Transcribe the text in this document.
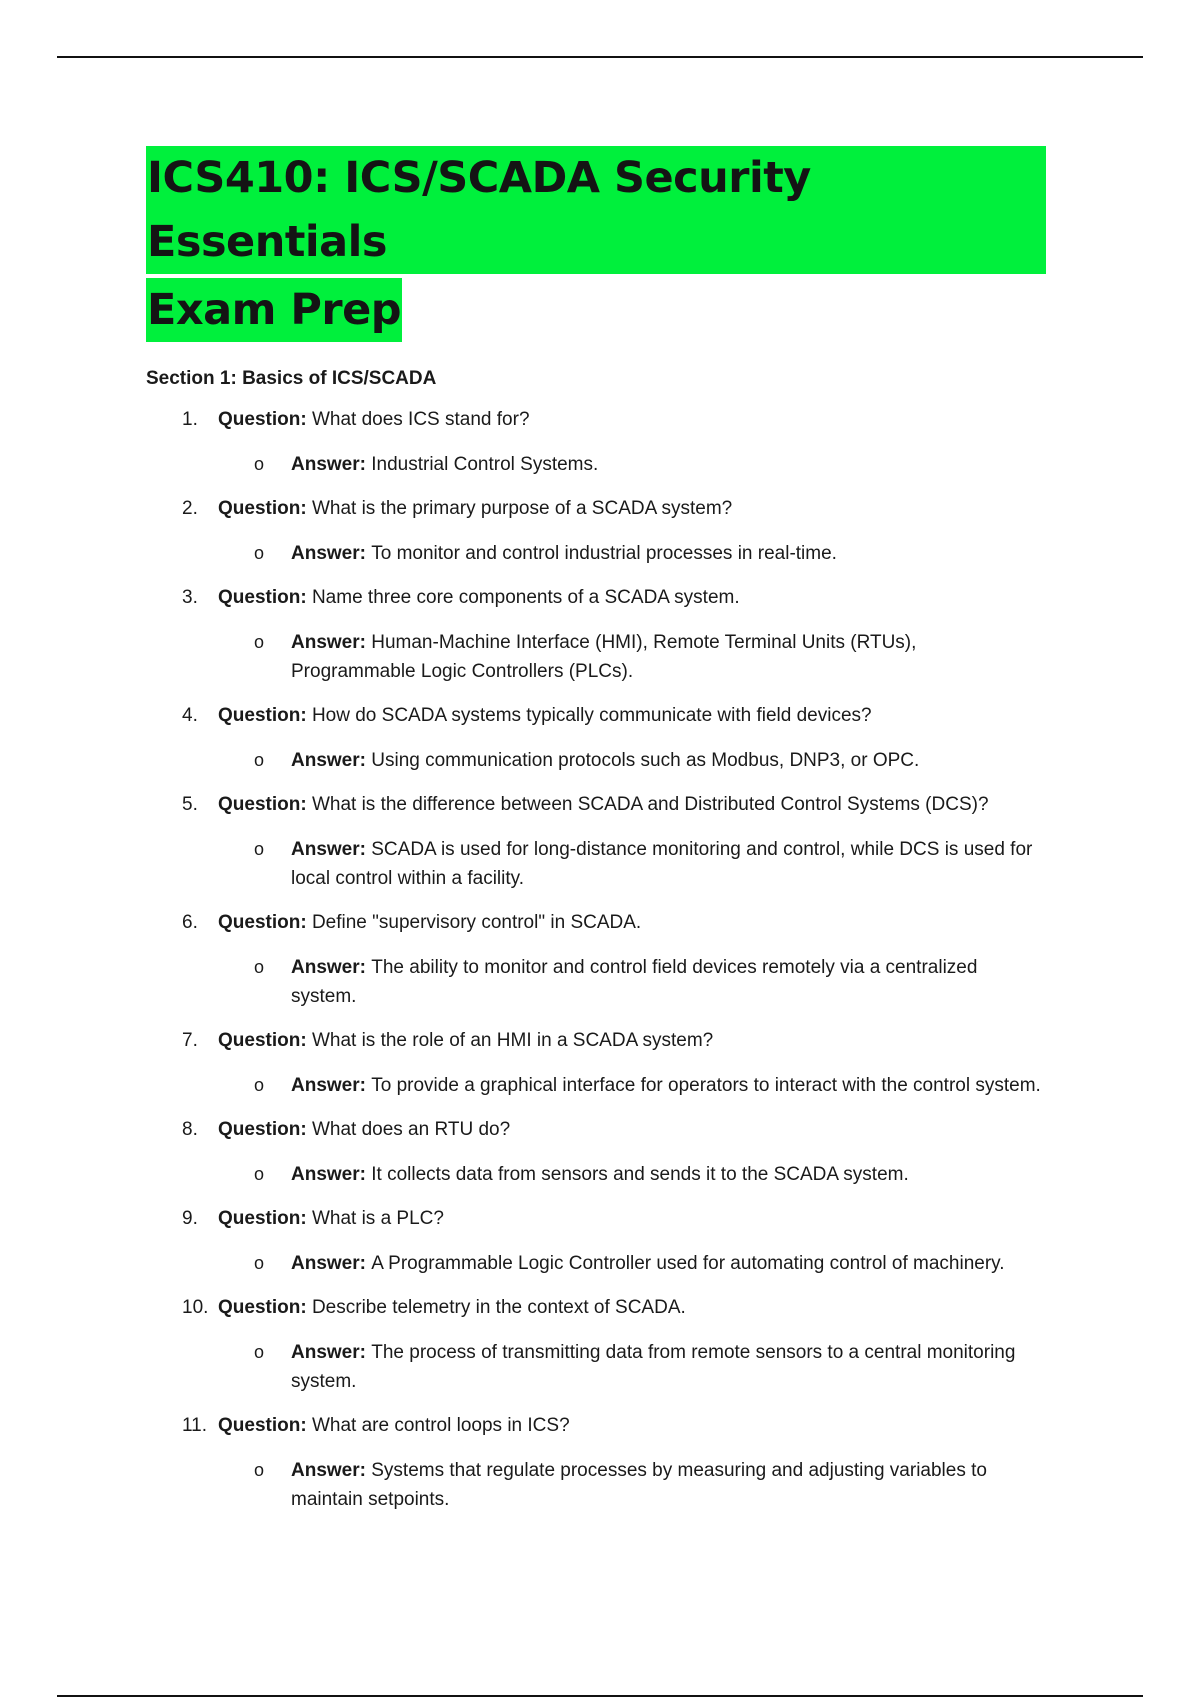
ICS410: ICS/SCADA Security Essentials
Exam Prep
Section 1: Basics of ICS/SCADA
1. Question: What does ICS stand for?
o Answer: Industrial Control Systems.
2. Question: What is the primary purpose of a SCADA system?
o Answer: To monitor and control industrial processes in real-time.
3. Question: Name three core components of a SCADA system.
o Answer: Human-Machine Interface (HMI), Remote Terminal Units (RTUs), Programmable Logic Controllers (PLCs).
4. Question: How do SCADA systems typically communicate with field devices?
o Answer: Using communication protocols such as Modbus, DNP3, or OPC.
5. Question: What is the difference between SCADA and Distributed Control Systems (DCS)?
o Answer: SCADA is used for long-distance monitoring and control, while DCS is used for local control within a facility.
6. Question: Define "supervisory control" in SCADA.
o Answer: The ability to monitor and control field devices remotely via a centralized system.
7. Question: What is the role of an HMI in a SCADA system?
o Answer: To provide a graphical interface for operators to interact with the control system.
8. Question: What does an RTU do?
o Answer: It collects data from sensors and sends it to the SCADA system.
9. Question: What is a PLC?
o Answer: A Programmable Logic Controller used for automating control of machinery.
10. Question: Describe telemetry in the context of SCADA.
o Answer: The process of transmitting data from remote sensors to a central monitoring system.
11. Question: What are control loops in ICS?
o Answer: Systems that regulate processes by measuring and adjusting variables to maintain setpoints.
